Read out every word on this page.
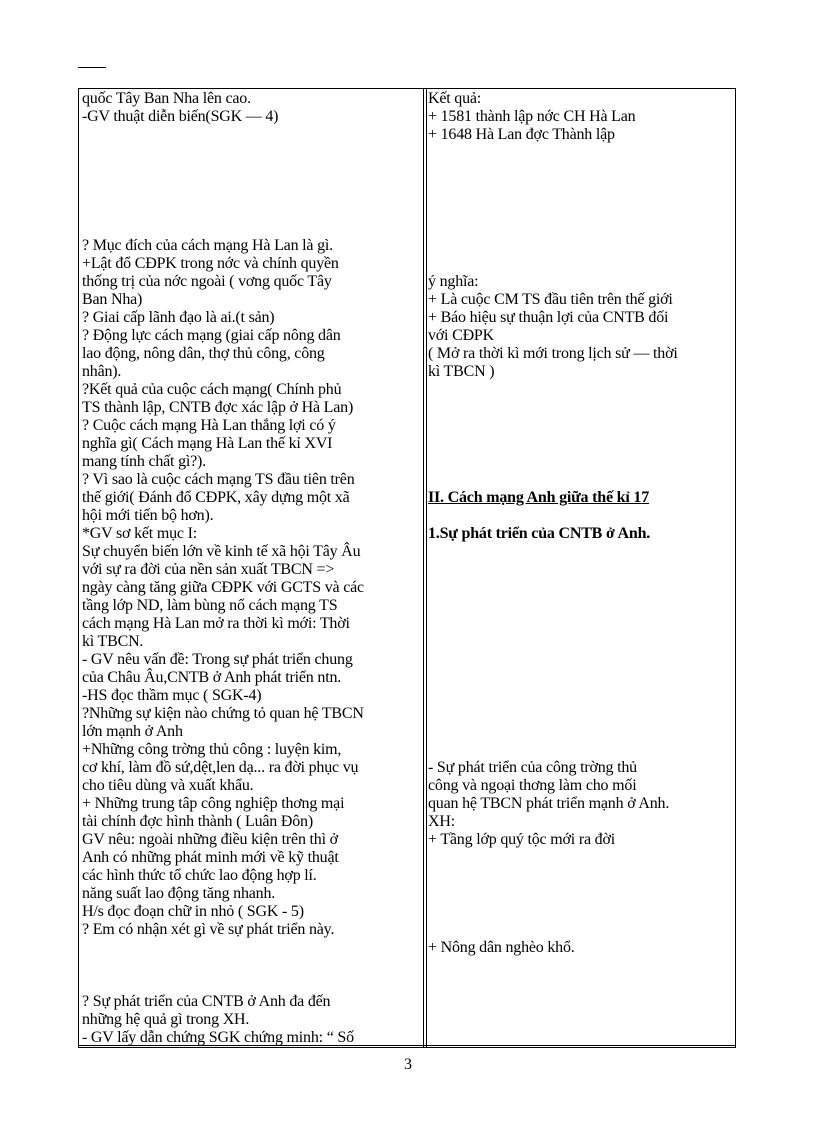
quốc Tây Ban Nha lên cao.

-GV thuật diễn biến(SGK — 4)

? Mục đích của cách mạng Hà Lan là gì.

+Lật đổ CĐPK trong nớc và chính quyền

thống trị của nớc ngoài ( vơng quốc Tây

Ban Nha)

? Giai cấp lãnh đạo là ai.(t sản)

? Động lực cách mạng (giai cấp nông dân

lao động, nông dân, thợ thủ công, công

nhân).

?Kết quả của cuộc cách mạng( Chính phủ

TS thành lập, CNTB đợc xác lập ở Hà Lan)

? Cuộc cách mạng Hà Lan thắng lợi có ý

nghĩa gì( Cách mạng Hà Lan thế kỉ XVI

mang tính chất gì?).

? Vì sao là cuộc cách mạng TS đầu tiên trên

thế giới( Đánh đổ CĐPK, xây dựng một xã

hội mới tiến bộ hơn).

*GV sơ kết mục I:

Sự chuyển biến lớn về kinh tế xã hội Tây Âu

với sự ra đời của nền sản xuất TBCN =>

ngày càng tăng giữa CĐPK với GCTS và các

tầng lớp ND, làm bùng nổ cách mạng TS

cách mạng Hà Lan mở ra thời kì mới: Thời

kì TBCN.

- GV nêu vấn đề: Trong sự phát triển chung

của Châu Âu,CNTB ở Anh phát triển ntn.

-HS đọc thầm mục ( SGK-4)

?Những sự kiện nào chứng tỏ quan hệ TBCN

lớn mạnh ở Anh

+Những công trờng thủ công : luyện kim,

cơ khí, làm đồ sứ,dệt,len dạ... ra đời phục vụ

cho tiêu dùng và xuất khẩu.

+ Những trung tâp công nghiệp thơng mại

tài chính đợc hình thành ( Luân Đôn)

GV nêu: ngoài những điều kiện trên thì ở

Anh có những phát minh mới về kỹ thuật

các hình thức tổ chức lao động hợp lí.

năng suất lao động tăng nhanh.

H/s đọc đoạn chữ in nhỏ ( SGK - 5)

? Em có nhận xét gì về sự phát triển này.

? Sự phát triển của CNTB ở Anh đa đến

những hệ quả gì trong XH.

- GV lấy dẫn chứng SGK chứng minh: “ Số

Kết quả:

+ 1581 thành lập nớc CH Hà Lan

+ 1648 Hà Lan đợc Thành lập

ý nghĩa:

+ Là cuộc CM TS đầu tiên trên thế giới

+ Báo hiệu sự thuận lợi của CNTB đối

với CĐPK

( Mở ra thời kì mới trong lịch sử — thời

kì TBCN )

II. Cách mạng Anh giữa thế kỉ 17

1.Sự phát triển của CNTB ở Anh.

- Sự phát triển của công trờng thủ

công và ngoại thơng làm cho mối

quan hệ TBCN phát triển mạnh ở Anh.

XH:

+ Tầng lớp quý tộc mới ra đời

+ Nông dân nghèo khổ.

3
